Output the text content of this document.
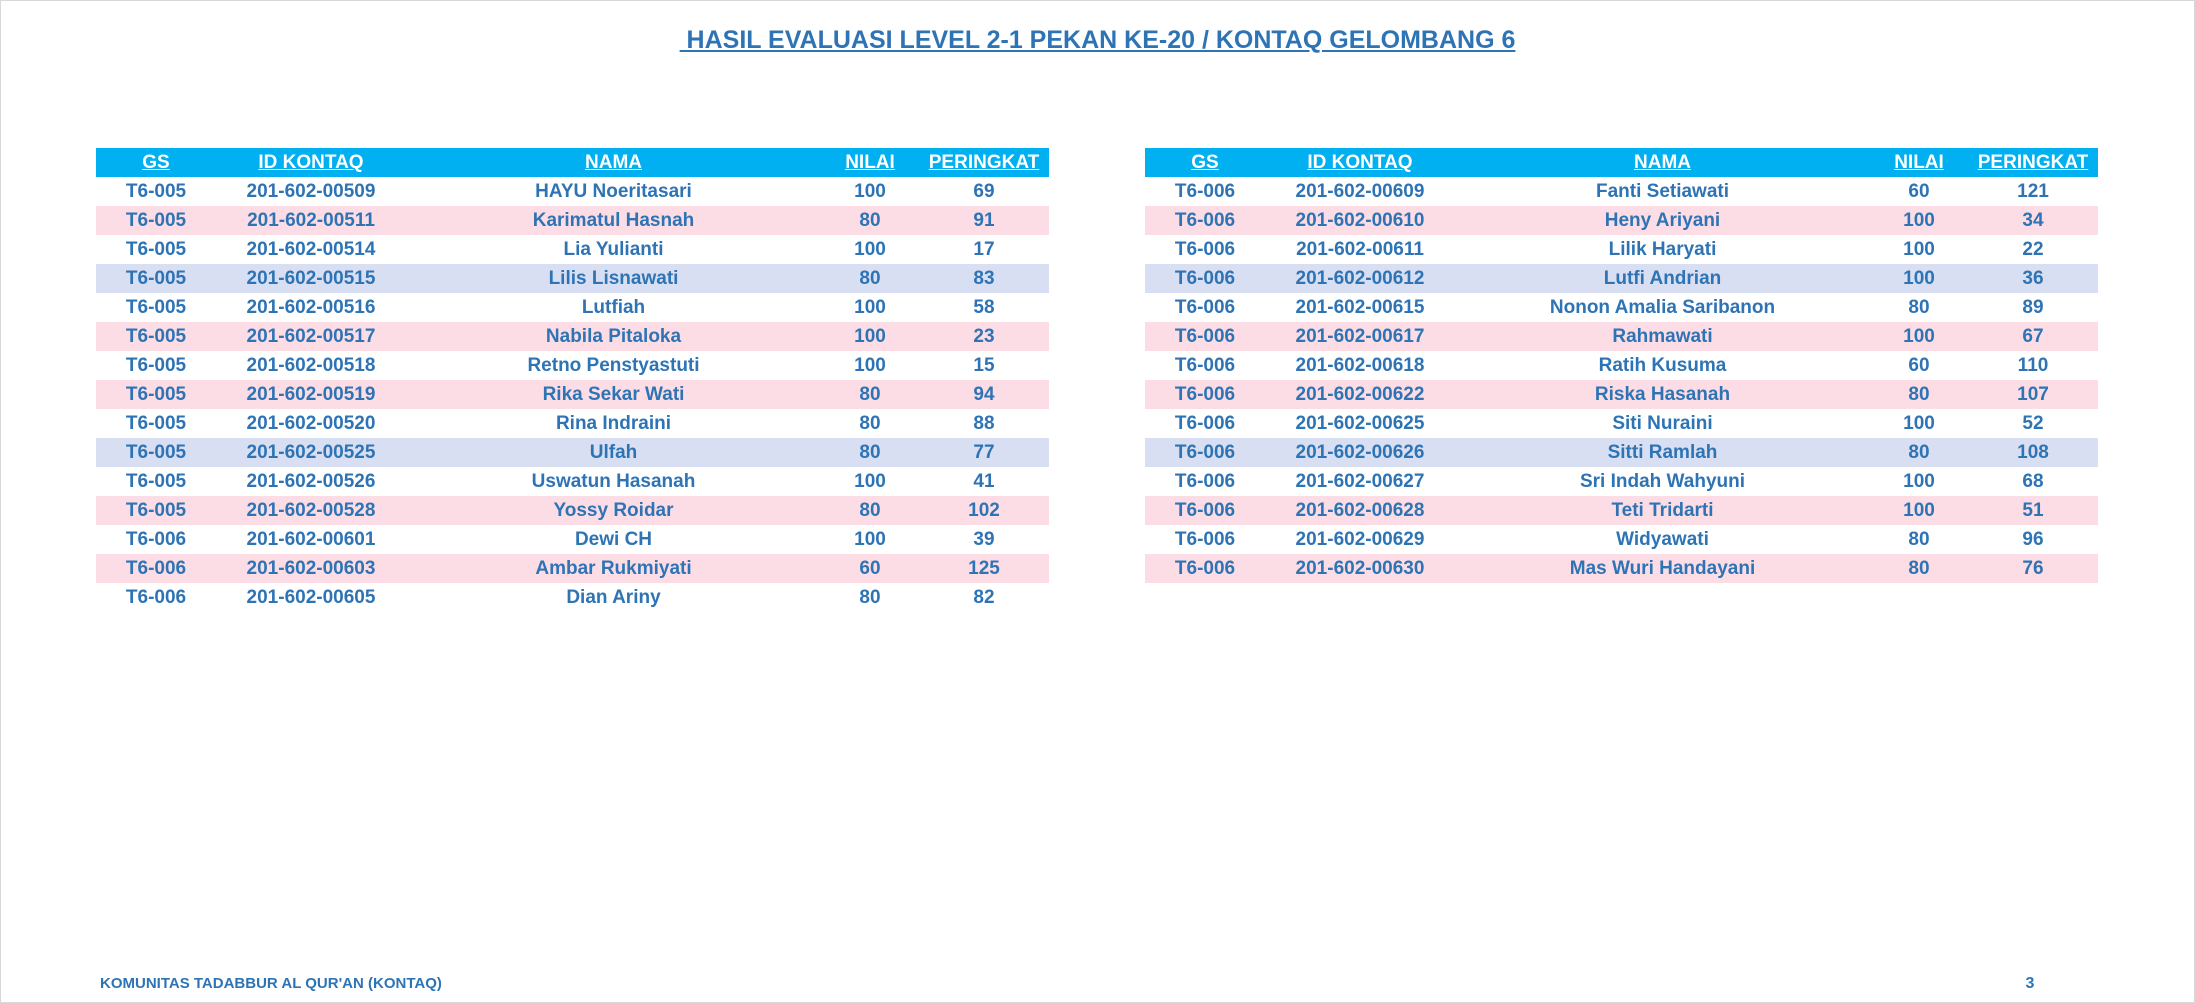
HASIL EVALUASI LEVEL 2-1 PEKAN KE-20 / KONTAQ GELOMBANG 6
GS	ID KONTAQ	NAMA	NILAI	PERINGKAT
T6-005	201-602-00509	HAYU Noeritasari	100	69
T6-005	201-602-00511	Karimatul Hasnah	80	91
T6-005	201-602-00514	Lia Yulianti	100	17
T6-005	201-602-00515	Lilis Lisnawati	80	83
T6-005	201-602-00516	Lutfiah	100	58
T6-005	201-602-00517	Nabila Pitaloka	100	23
T6-005	201-602-00518	Retno Penstyastuti	100	15
T6-005	201-602-00519	Rika Sekar Wati	80	94
T6-005	201-602-00520	Rina Indraini	80	88
T6-005	201-602-00525	Ulfah	80	77
T6-005	201-602-00526	Uswatun Hasanah	100	41
T6-005	201-602-00528	Yossy Roidar	80	102
T6-006	201-602-00601	Dewi CH	100	39
T6-006	201-602-00603	Ambar Rukmiyati	60	125
T6-006	201-602-00605	Dian Ariny	80	82
GS	ID KONTAQ	NAMA	NILAI	PERINGKAT
T6-006	201-602-00609	Fanti Setiawati	60	121
T6-006	201-602-00610	Heny Ariyani	100	34
T6-006	201-602-00611	Lilik Haryati	100	22
T6-006	201-602-00612	Lutfi Andrian	100	36
T6-006	201-602-00615	Nonon Amalia Saribanon	80	89
T6-006	201-602-00617	Rahmawati	100	67
T6-006	201-602-00618	Ratih Kusuma	60	110
T6-006	201-602-00622	Riska Hasanah	80	107
T6-006	201-602-00625	Siti Nuraini	100	52
T6-006	201-602-00626	Sitti Ramlah	80	108
T6-006	201-602-00627	Sri Indah Wahyuni	100	68
T6-006	201-602-00628	Teti Tridarti	100	51
T6-006	201-602-00629	Widyawati	80	96
T6-006	201-602-00630	Mas Wuri Handayani	80	76
KOMUNITAS TADABBUR AL QUR'AN (KONTAQ)	3
